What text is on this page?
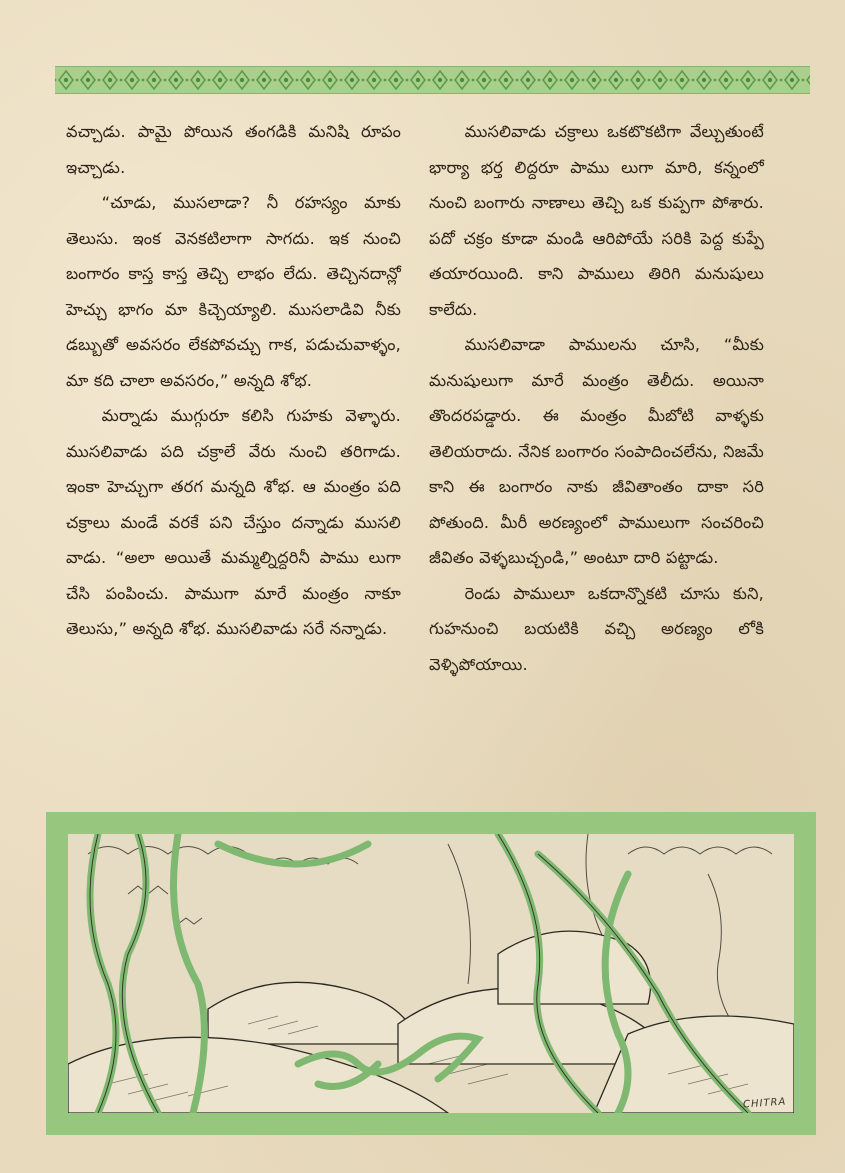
వచ్చాడు. పామై పోయిన తంగడికి మనిషి రూపం ఇచ్చాడు.

“చూడు, ముసలాడా? నీ రహస్యం మాకు తెలుసు. ఇంక వెనకటిలాగా సాగదు. ఇక నుంచి బంగారం కాస్త కాస్త తెచ్చి లాభం లేదు. తెచ్చినదాన్లో హెచ్చు భాగం మా కిచ్చెయ్యాలి. ముసలాడివి నీకు డబ్బుతో అవసరం లేకపోవచ్చు గాక, పడుచువాళ్ళం, మా కది చాలా అవసరం,” అన్నది శోభ.

మర్నాడు ముగ్గురూ కలిసి గుహకు వెళ్ళారు. ముసలివాడు పది చక్రాలే వేరు నుంచి తరిగాడు. ఇంకా హెచ్చుగా తరగ మన్నది శోభ. ఆ మంత్రం పది చక్రాలు మండే వరకే పని చేస్తుం దన్నాడు ముసలి వాడు. “అలా అయితే మమ్మల్నిద్దరినీ పాము లుగా చేసి పంపించు. పాముగా మారే మంత్రం నాకూ తెలుసు,” అన్నది శోభ. ముసలివాడు సరే నన్నాడు.

ముసలివాడు చక్రాలు ఒకటొకటిగా వేల్చుతుంటే భార్యా భర్త లిద్దరూ పాము లుగా మారి, కన్నంలో నుంచి బంగారు నాణాలు తెచ్చి ఒక కుప్పగా పోశారు. పదో చక్రం కూడా మండి ఆరిపోయే సరికి పెద్ద కుప్పే తయారయింది. కాని పాములు తిరిగి మనుషులు కాలేదు.

ముసలివాడా పాములను చూసి, “మీకు మనుషులుగా మారే మంత్రం తెలీదు. అయినా తొందరపడ్డారు. ఈ మంత్రం మీబోటి వాళ్ళకు తెలియరాదు. నేనిక బంగారం సంపాదించలేను, నిజమే కాని ఈ బంగారం నాకు జీవితాంతం దాకా సరి పోతుంది. మీరీ అరణ్యంలో పాములుగా సంచరించి జీవితం వెళ్ళబుచ్చండి,” అంటూ దారి పట్టాడు.

రెండు పాములూ ఒకదాన్నొకటి చూసు కుని, గుహనుంచి బయటికి వచ్చి అరణ్యం లోకి వెళ్ళిపోయాయి.

CHITRA
